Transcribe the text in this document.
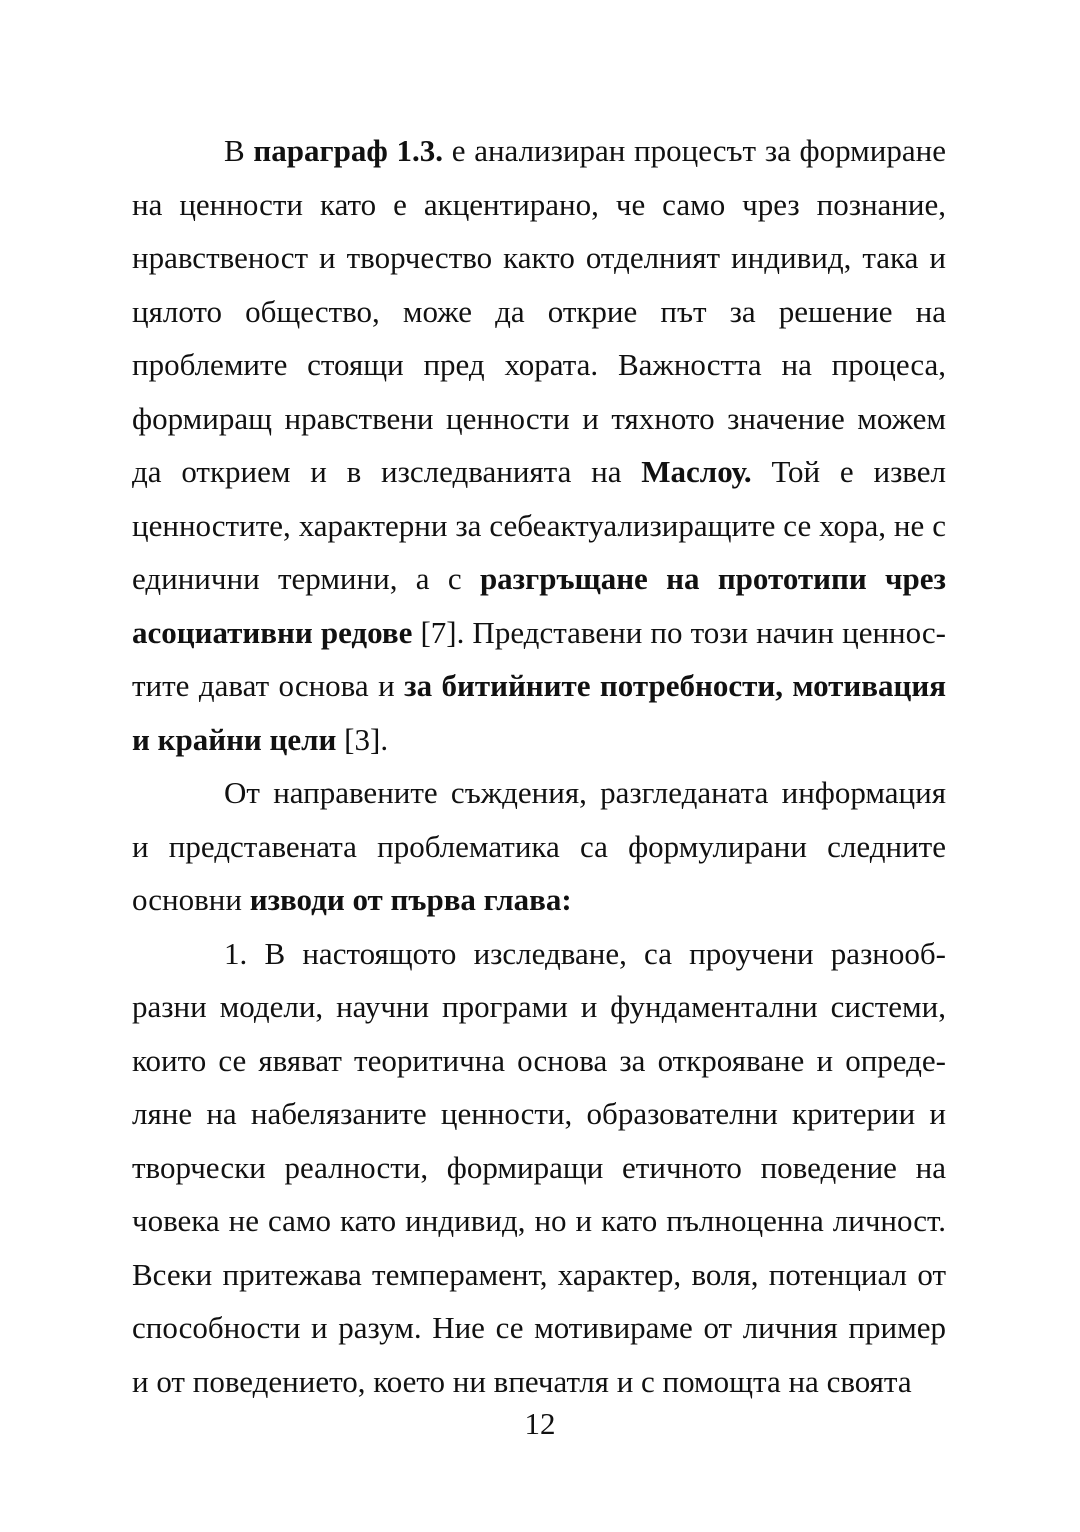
В параграф 1.3. е анализиран процесът за формиране на ценности като е акцентирано, че само чрез познание, нравственост и творчество както отделният индивид, така и цялото общество, може да открие път за решение на проблемите стоящи пред хората. Важността на процеса, формиращ нравствени ценности и тяхното значение можем да открием и в изследванията на Маслоу. Той е извел ценностите, характерни за себеактуализиращите се хора, не с единични термини, а с разгръщане на прототипи чрез асоциативни редове [7]. Представени по този начин ценнос-тите дават основа и за битийните потребности, мотивация и крайни цели [3].

От направените съждения, разгледаната информация и представената проблематика са формулирани следните основни изводи от първа глава:

1. В настоящото изследване, са проучени разнооб-разни модели, научни програми и фундаментални системи, които се явяват теоритична основа за открояване и опреде-ляне на набелязаните ценности, образователни критерии и творчески реалности, формиращи етичното поведение на човека не само като индивид, но и като пълноценна личност. Всеки притежава темперамент, характер, воля, потенциал от способности и разум. Ние се мотивираме от личния пример и от поведението, което ни впечатля и с помощта на своята

12
